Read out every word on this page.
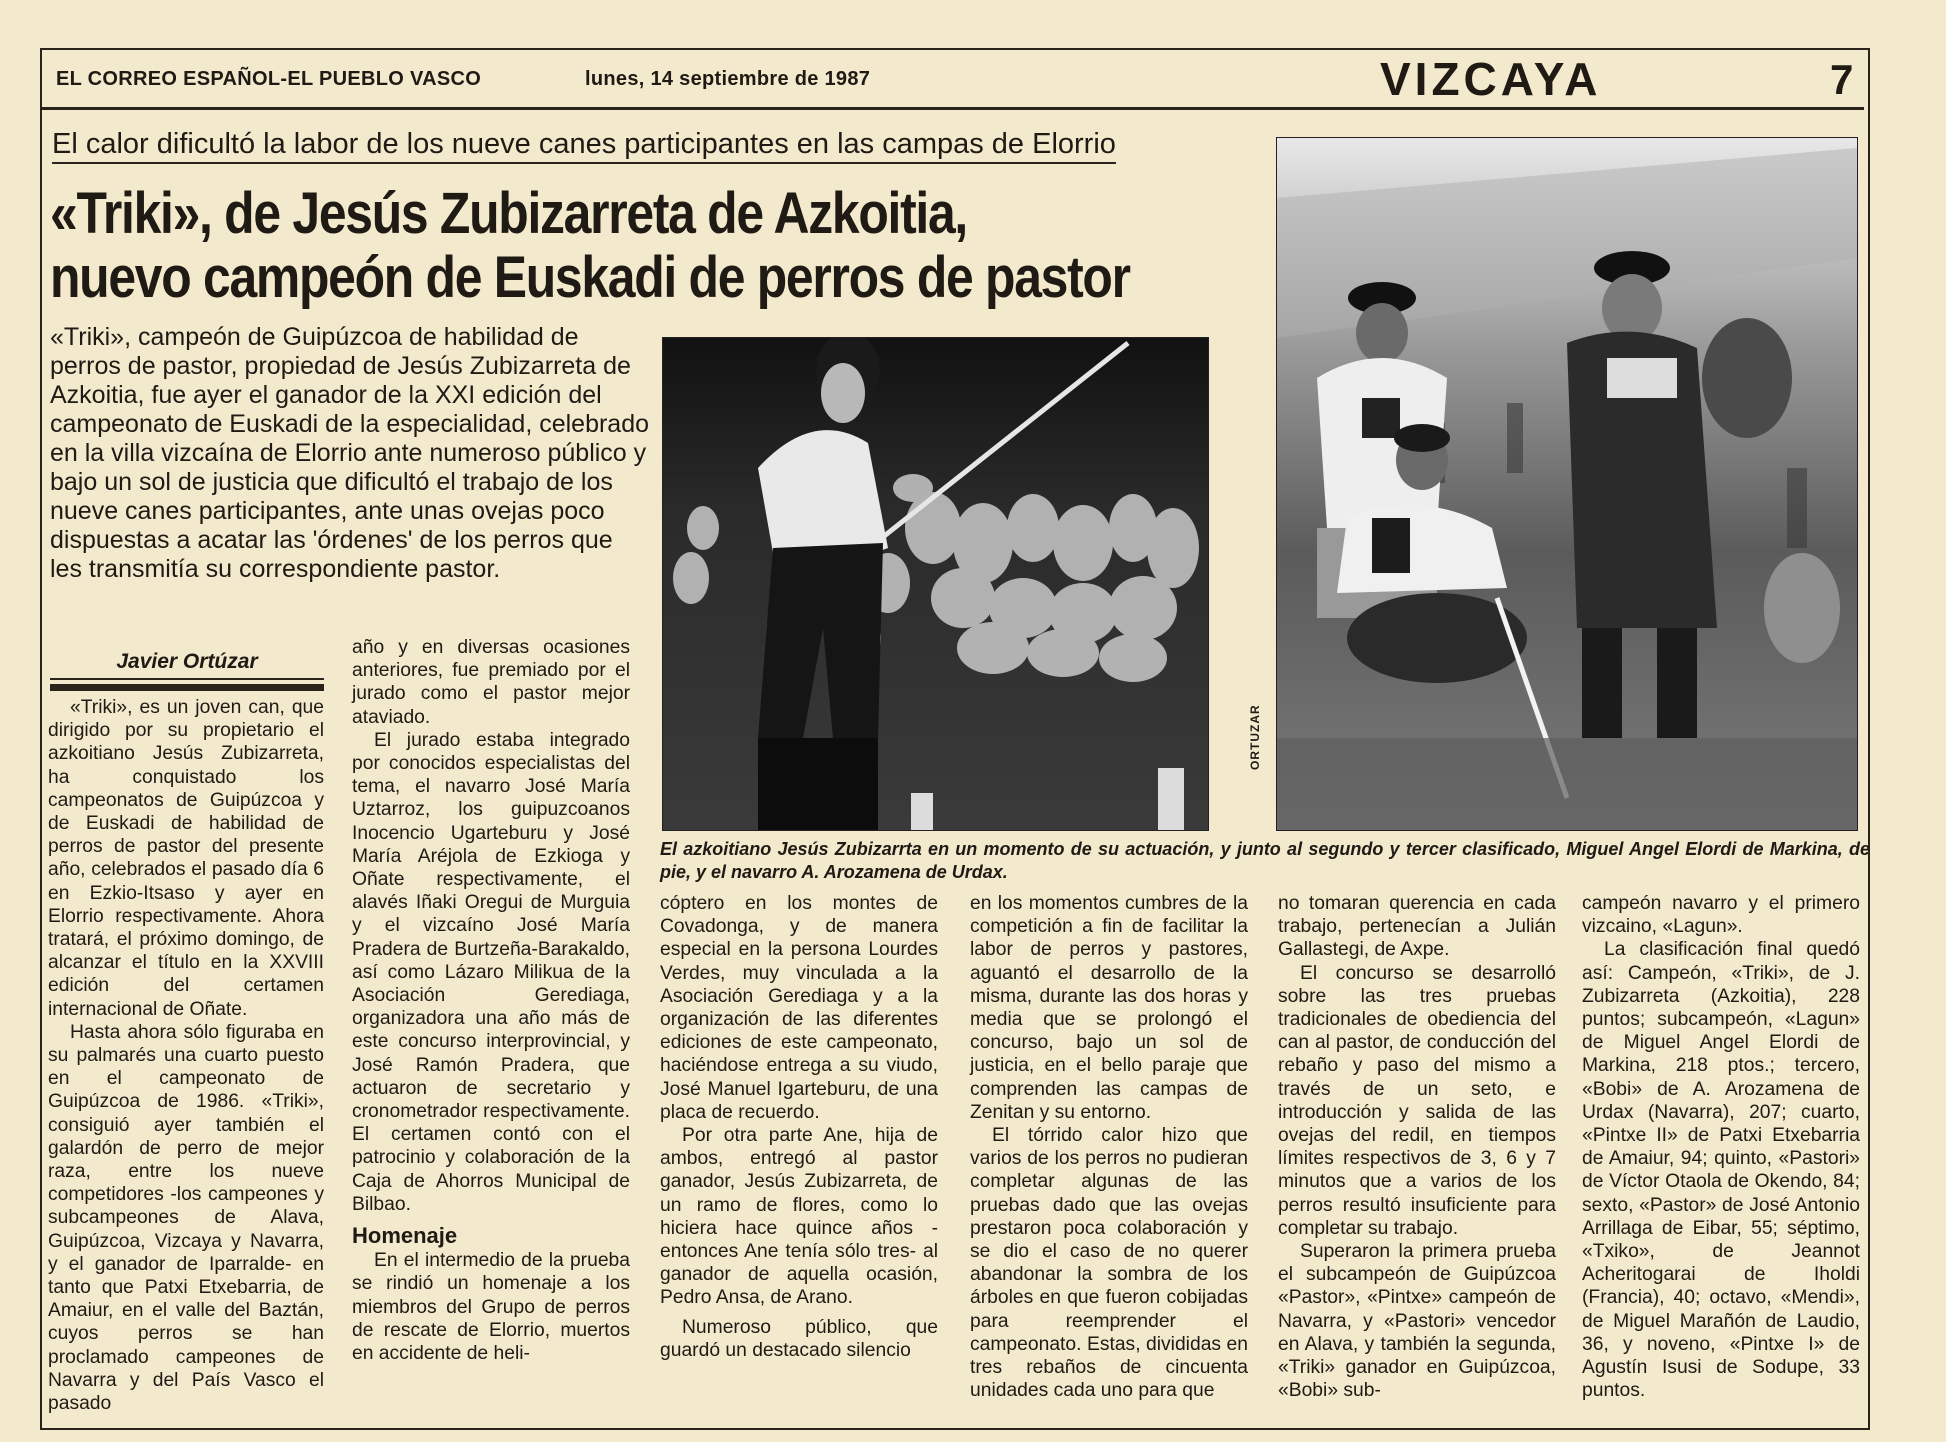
EL CORREO ESPAÑOL-EL PUEBLO VASCO	lunes, 14 septiembre de 1987	VIZCAYA	7
El calor dificultó la labor de los nueve canes participantes en las campas de Elorrio
«Triki», de Jesús Zubizarreta de Azkoitia,
nuevo campeón de Euskadi de perros de pastor

«Triki», campeón de Guipúzcoa de habilidad de perros de pastor, propiedad de Jesús Zubizarreta de Azkoitia, fue ayer el ganador de la XXI edición del campeonato de Euskadi de la especialidad, celebrado en la villa vizcaína de Elorrio ante numeroso público y bajo un sol de justicia que dificultó el trabajo de los nueve canes participantes, ante unas ovejas poco dispuestas a acatar las 'órdenes' de los perros que les transmitía su correspondiente pastor.

ORTUZAR
El azkoitiano Jesús Zubizarrta en un momento de su actuación, y junto al segundo y tercer clasificado, Miguel Angel Elordi de Markina, de pie, y el navarro A. Arozamena de Urdax.
Javier Ortúzar

«Triki», es un joven can, que dirigido por su propietario el azkoitiano Jesús Zubizarreta, ha conquistado los campeonatos de Guipúzcoa y de Euskadi de habilidad de perros de pastor del presente año, celebrados el pasado día 6 en Ezkio-Itsaso y ayer en Elorrio respectivamente. Ahora tratará, el próximo domingo, de alcanzar el título en la XXVIII edición del certamen internacional de Oñate.

Hasta ahora sólo figuraba en su palmarés una cuarto puesto en el campeonato de Guipúzcoa de 1986. «Triki», consiguió ayer también el galardón de perro de mejor raza, entre los nueve competidores -los campeones y subcampeones de Alava, Guipúzcoa, Vizcaya y Navarra, y el ganador de Iparralde- en tanto que Patxi Etxebarria, de Amaiur, en el valle del Baztán, cuyos perros se han proclamado campeones de Navarra y del País Vasco el pasado

año y en diversas ocasiones anteriores, fue premiado por el jurado como el pastor mejor ataviado.

El jurado estaba integrado por conocidos especialistas del tema, el navarro José María Uztarroz, los guipuzcoanos Inocencio Ugarteburu y José María Aréjola de Ezkioga y Oñate respectivamente, el alavés Iñaki Oregui de Murguia y el vizcaíno José María Pradera de Burtzeña-Barakaldo, así como Lázaro Milikua de la Asociación Gerediaga, organizadora una año más de este concurso interprovincial, y José Ramón Pradera, que actuaron de secretario y cronometrador respectivamente. El certamen contó con el patrocinio y colaboración de la Caja de Ahorros Municipal de Bilbao.

Homenaje

En el intermedio de la prueba se rindió un homenaje a los miembros del Grupo de perros de rescate de Elorrio, muertos en accidente de heli-

cóptero en los montes de Covadonga, y de manera especial en la persona Lourdes Verdes, muy vinculada a la Asociación Gerediaga y a la organización de las diferentes ediciones de este campeonato, haciéndose entrega a su viudo, José Manuel Igarteburu, de una placa de recuerdo.

Por otra parte Ane, hija de ambos, entregó al pastor ganador, Jesús Zubizarreta, de un ramo de flores, como lo hiciera hace quince años -entonces Ane tenía sólo tres- al ganador de aquella ocasión, Pedro Ansa, de Arano.

Numeroso público, que guardó un destacado silencio

en los momentos cumbres de la competición a fin de facilitar la labor de perros y pastores, aguantó el desarrollo de la misma, durante las dos horas y media que se prolongó el concurso, bajo un sol de justicia, en el bello paraje que comprenden las campas de Zenitan y su entorno.

El tórrido calor hizo que varios de los perros no pudieran completar algunas de las pruebas dado que las ovejas prestaron poca colaboración y se dio el caso de no querer abandonar la sombra de los árboles en que fueron cobijadas para reemprender el campeonato. Estas, divididas en tres rebaños de cincuenta unidades cada uno para que

no tomaran querencia en cada trabajo, pertenecían a Julián Gallastegi, de Axpe.

El concurso se desarrolló sobre las tres pruebas tradicionales de obediencia del can al pastor, de conducción del rebaño y paso del mismo a través de un seto, e introducción y salida de las ovejas del redil, en tiempos límites respectivos de 3, 6 y 7 minutos que a varios de los perros resultó insuficiente para completar su trabajo.

Superaron la primera prueba el subcampeón de Guipúzcoa «Pastor», «Pintxe» campeón de Navarra, y «Pastori» vencedor en Alava, y también la segunda, «Triki» ganador en Guipúzcoa, «Bobi» sub-

campeón navarro y el primero vizcaino, «Lagun».

La clasificación final quedó así: Campeón, «Triki», de J. Zubizarreta (Azkoitia), 228 puntos; subcampeón, «Lagun» de Miguel Angel Elordi de Markina, 218 ptos.; tercero, «Bobi» de A. Arozamena de Urdax (Navarra), 207; cuarto, «Pintxe II» de Patxi Etxebarria de Amaiur, 94; quinto, «Pastori» de Víctor Otaola de Okendo, 84; sexto, «Pastor» de José Antonio Arrillaga de Eibar, 55; séptimo, «Txiko», de Jeannot Acheritogarai de Iholdi (Francia), 40; octavo, «Mendi», de Miguel Marañón de Laudio, 36, y noveno, «Pintxe I» de Agustín Isusi de Sodupe, 33 puntos.
